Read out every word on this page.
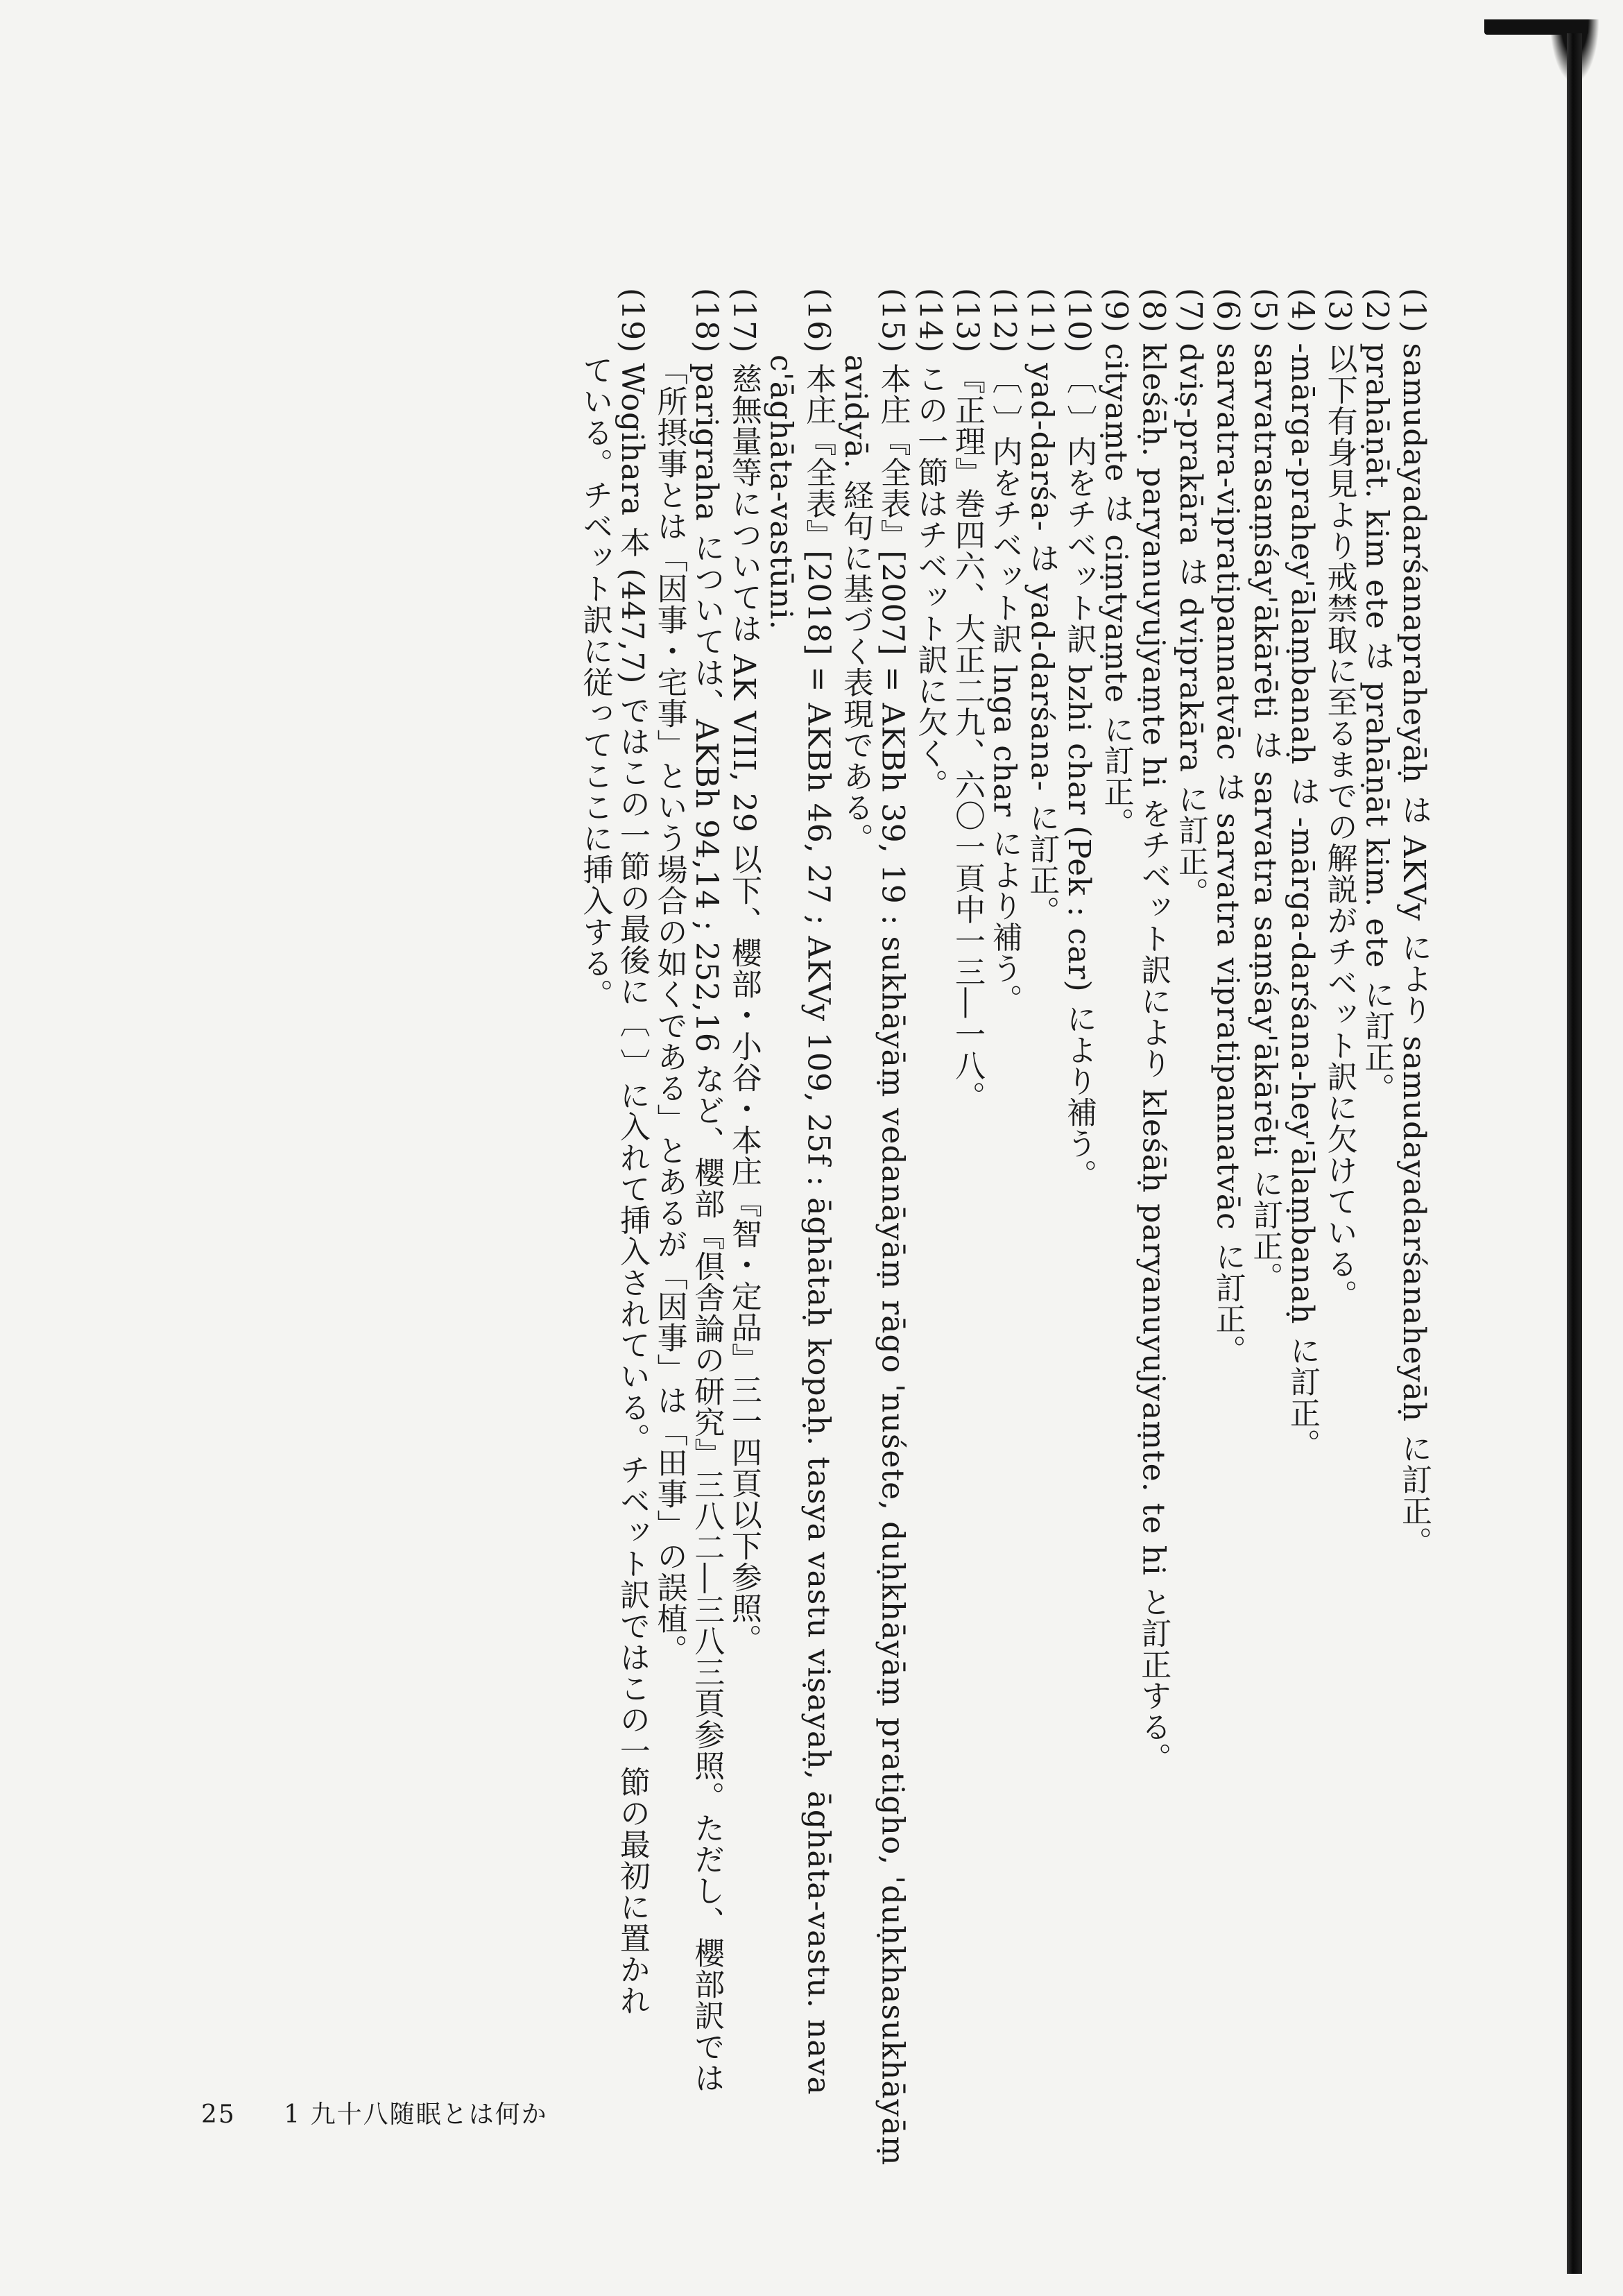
(1)samudayadarśanapraheyāḥ は AKVy により samudayadarśanaheyāḥ に訂正。
(2)prahāṇāt. kim ete は prahāṇāt kim. ete に訂正。
(3)以下有身見より戒禁取に至るまでの解説がチベット訳に欠けている。
(4)-mārga-prahey'ālaṃbanaḥ は -mārga-darśana-hey'ālaṃbanaḥ に訂正。
(5)sarvatrasaṃśay'ākārēti は sarvatra saṃśay'ākārēti に訂正。
(6)sarvatra-vipratipannatvāc は sarvatra vipratipannatvāc に訂正。
(7)dviṣ-prakāra は dviprakāra に訂正。
(8)kleśāḥ. paryanuyujyaṃte hi をチベット訳により kleśāḥ paryanuyujyaṃte. te hi と訂正する。
(9)cityaṃte は ciṃtyaṃte に訂正。
(10)〔 〕内をチベット訳 bzhi char (Pek : car) により補う。
(11)yad-darśa- は yad-darśana- に訂正。
(12)〔 〕内をチベット訳 lnga char により補う。
(13)『正理』巻四六、大正二九、六〇一頁中一三―一八。
(14)この一節はチベット訳に欠く。
(15)本庄『全表』[2007] = AKBh 39, 19 : sukhāyāṃ vedanāyāṃ rāgo 'nuśete, duḥkhāyāṃ pratigho, 'duḥkhasukhāyāṃ
avidyā. 経句に基づく表現である。
(16)本庄『全表』[2018] = AKBh 46, 27 ; AKVy 109, 25f : āghātaḥ kopaḥ. tasya vastu viṣayaḥ, āghāta-vastu. nava
c'āghāta-vastūni.
(17)慈無量等については AK VIII, 29 以下、櫻部・小谷・本庄『智・定品』三一四頁以下参照。
(18)parigraha については、AKBh 94,14 ; 252,16 など、櫻部『倶舎論の研究』三八二―三八三頁参照。ただし、櫻部訳では
「所摂事とは「因事・宅事」という場合の如くである」とあるが「因事」は「田事」の誤植。
(19)Wogihara 本 (447,7) ではこの一節の最後に〔 〕に入れて挿入されている。チベット訳ではこの一節の最初に置かれ
ている。チベット訳に従ってここに挿入する。
25 1 九十八随眠とは何か
